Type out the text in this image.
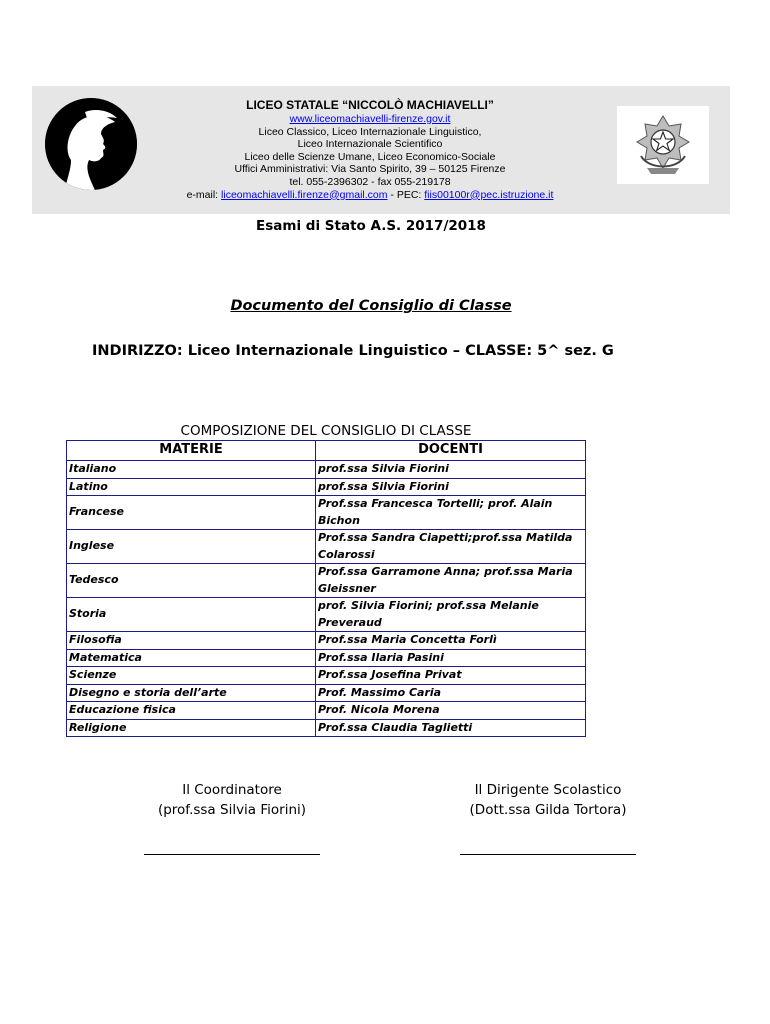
LICEO STATALE “NICCOLÒ MACHIAVELLI”
www.liceomachiavelli-firenze.gov.it
Liceo Classico, Liceo Internazionale Linguistico,
Liceo Internazionale Scientifico
Liceo delle Scienze Umane, Liceo Economico-Sociale
Uffici Amministrativi: Via Santo Spirito, 39 – 50125 Firenze
tel. 055-2396302 - fax 055-219178
e-mail: liceomachiavelli.firenze@gmail.com - PEC: fiis00100r@pec.istruzione.it
Esami di Stato A.S. 2017/2018
Documento del Consiglio di Classe
INDIRIZZO: Liceo Internazionale Linguistico – CLASSE: 5^ sez. G
COMPOSIZIONE DEL CONSIGLIO DI CLASSE
MATERIE	DOCENTI
Italiano	prof.ssa Silvia Fiorini
Latino	prof.ssa Silvia Fiorini
Francese	Prof.ssa Francesca Tortelli; prof. Alain Bichon
Inglese	Prof.ssa Sandra Ciapetti;prof.ssa Matilda Colarossi
Tedesco	Prof.ssa Garramone Anna; prof.ssa Maria Gleissner
Storia	prof. Silvia Fiorini; prof.ssa Melanie Preveraud
Filosofia	Prof.ssa Maria Concetta Forlì
Matematica	Prof.ssa Ilaria Pasini
Scienze	Prof.ssa Josefina Privat
Disegno e storia dell’arte	Prof. Massimo Caria
Educazione fisica	Prof. Nicola Morena
Religione	Prof.ssa Claudia Taglietti
Il Coordinatore
(prof.ssa Silvia Fiorini)
Il Dirigente Scolastico
(Dott.ssa Gilda Tortora)
